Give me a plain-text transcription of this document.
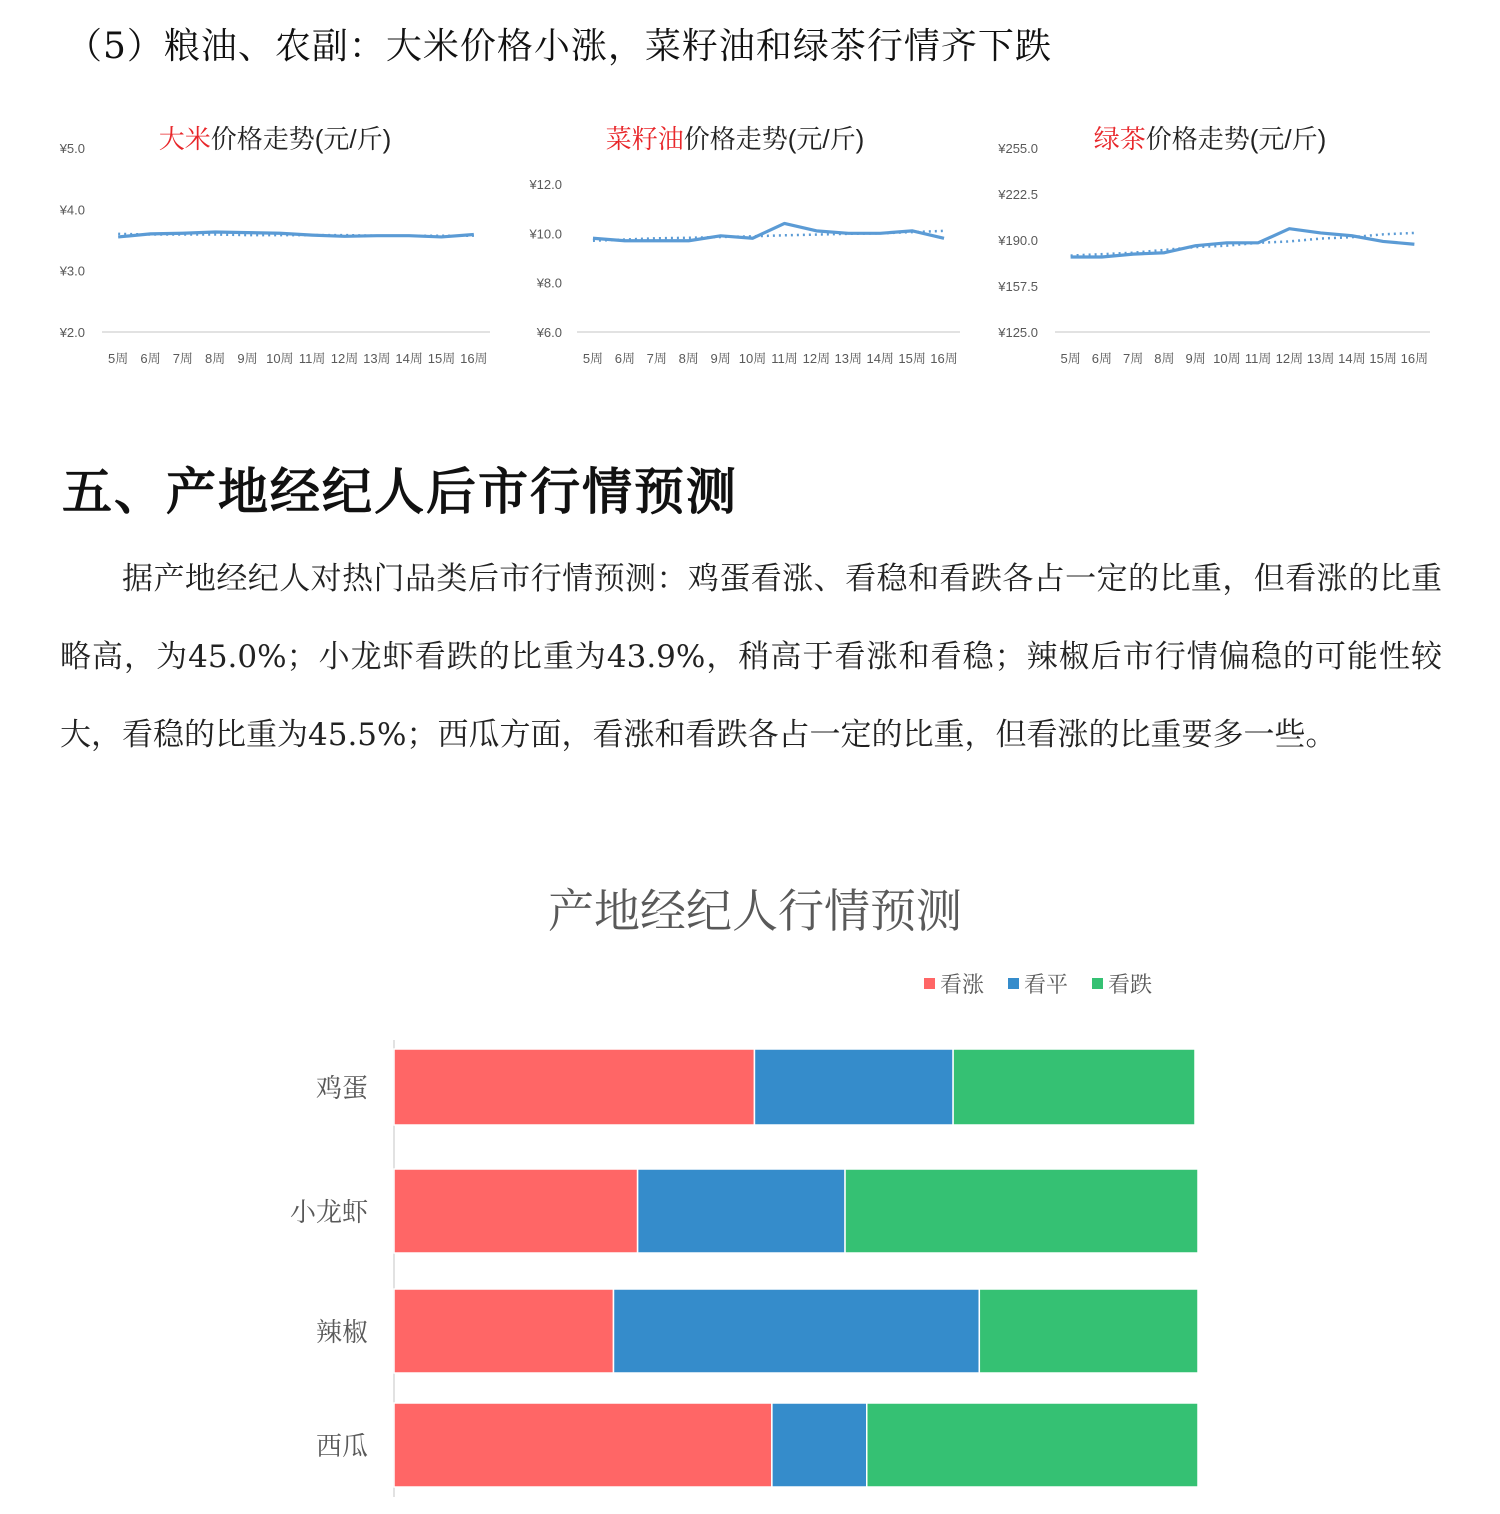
（5）粮油、农副：大米价格小涨，菜籽油和绿茶行情齐下跌
大米价格走势(元/斤)
¥5.0
¥4.0
¥3.0
¥2.0
5周 6周 7周 8周 9周 10周 11周 12周 13周 14周 15周 16周
菜籽油价格走势(元/斤)
¥12.0
¥10.0
¥8.0
¥6.0
5周 6周 7周 8周 9周 10周 11周 12周 13周 14周 15周 16周
绿茶价格走势(元/斤)
¥255.0
¥222.5
¥190.0
¥157.5
¥125.0
5周 6周 7周 8周 9周 10周 11周 12周 13周 14周 15周 16周
五、产地经纪人后市行情预测

据产地经纪人对热门品类后市行情预测：鸡蛋看涨、看稳和看跌各占一定的比重，但看涨的比重略高，为45.0%；小龙虾看跌的比重为43.9%，稍高于看涨和看稳；辣椒后市行情偏稳的可能性较大，看稳的比重为45.5%；西瓜方面，看涨和看跌各占一定的比重，但看涨的比重要多一些。

产地经纪人行情预测
看涨 看平 看跌
鸡蛋
小龙虾
辣椒
西瓜
